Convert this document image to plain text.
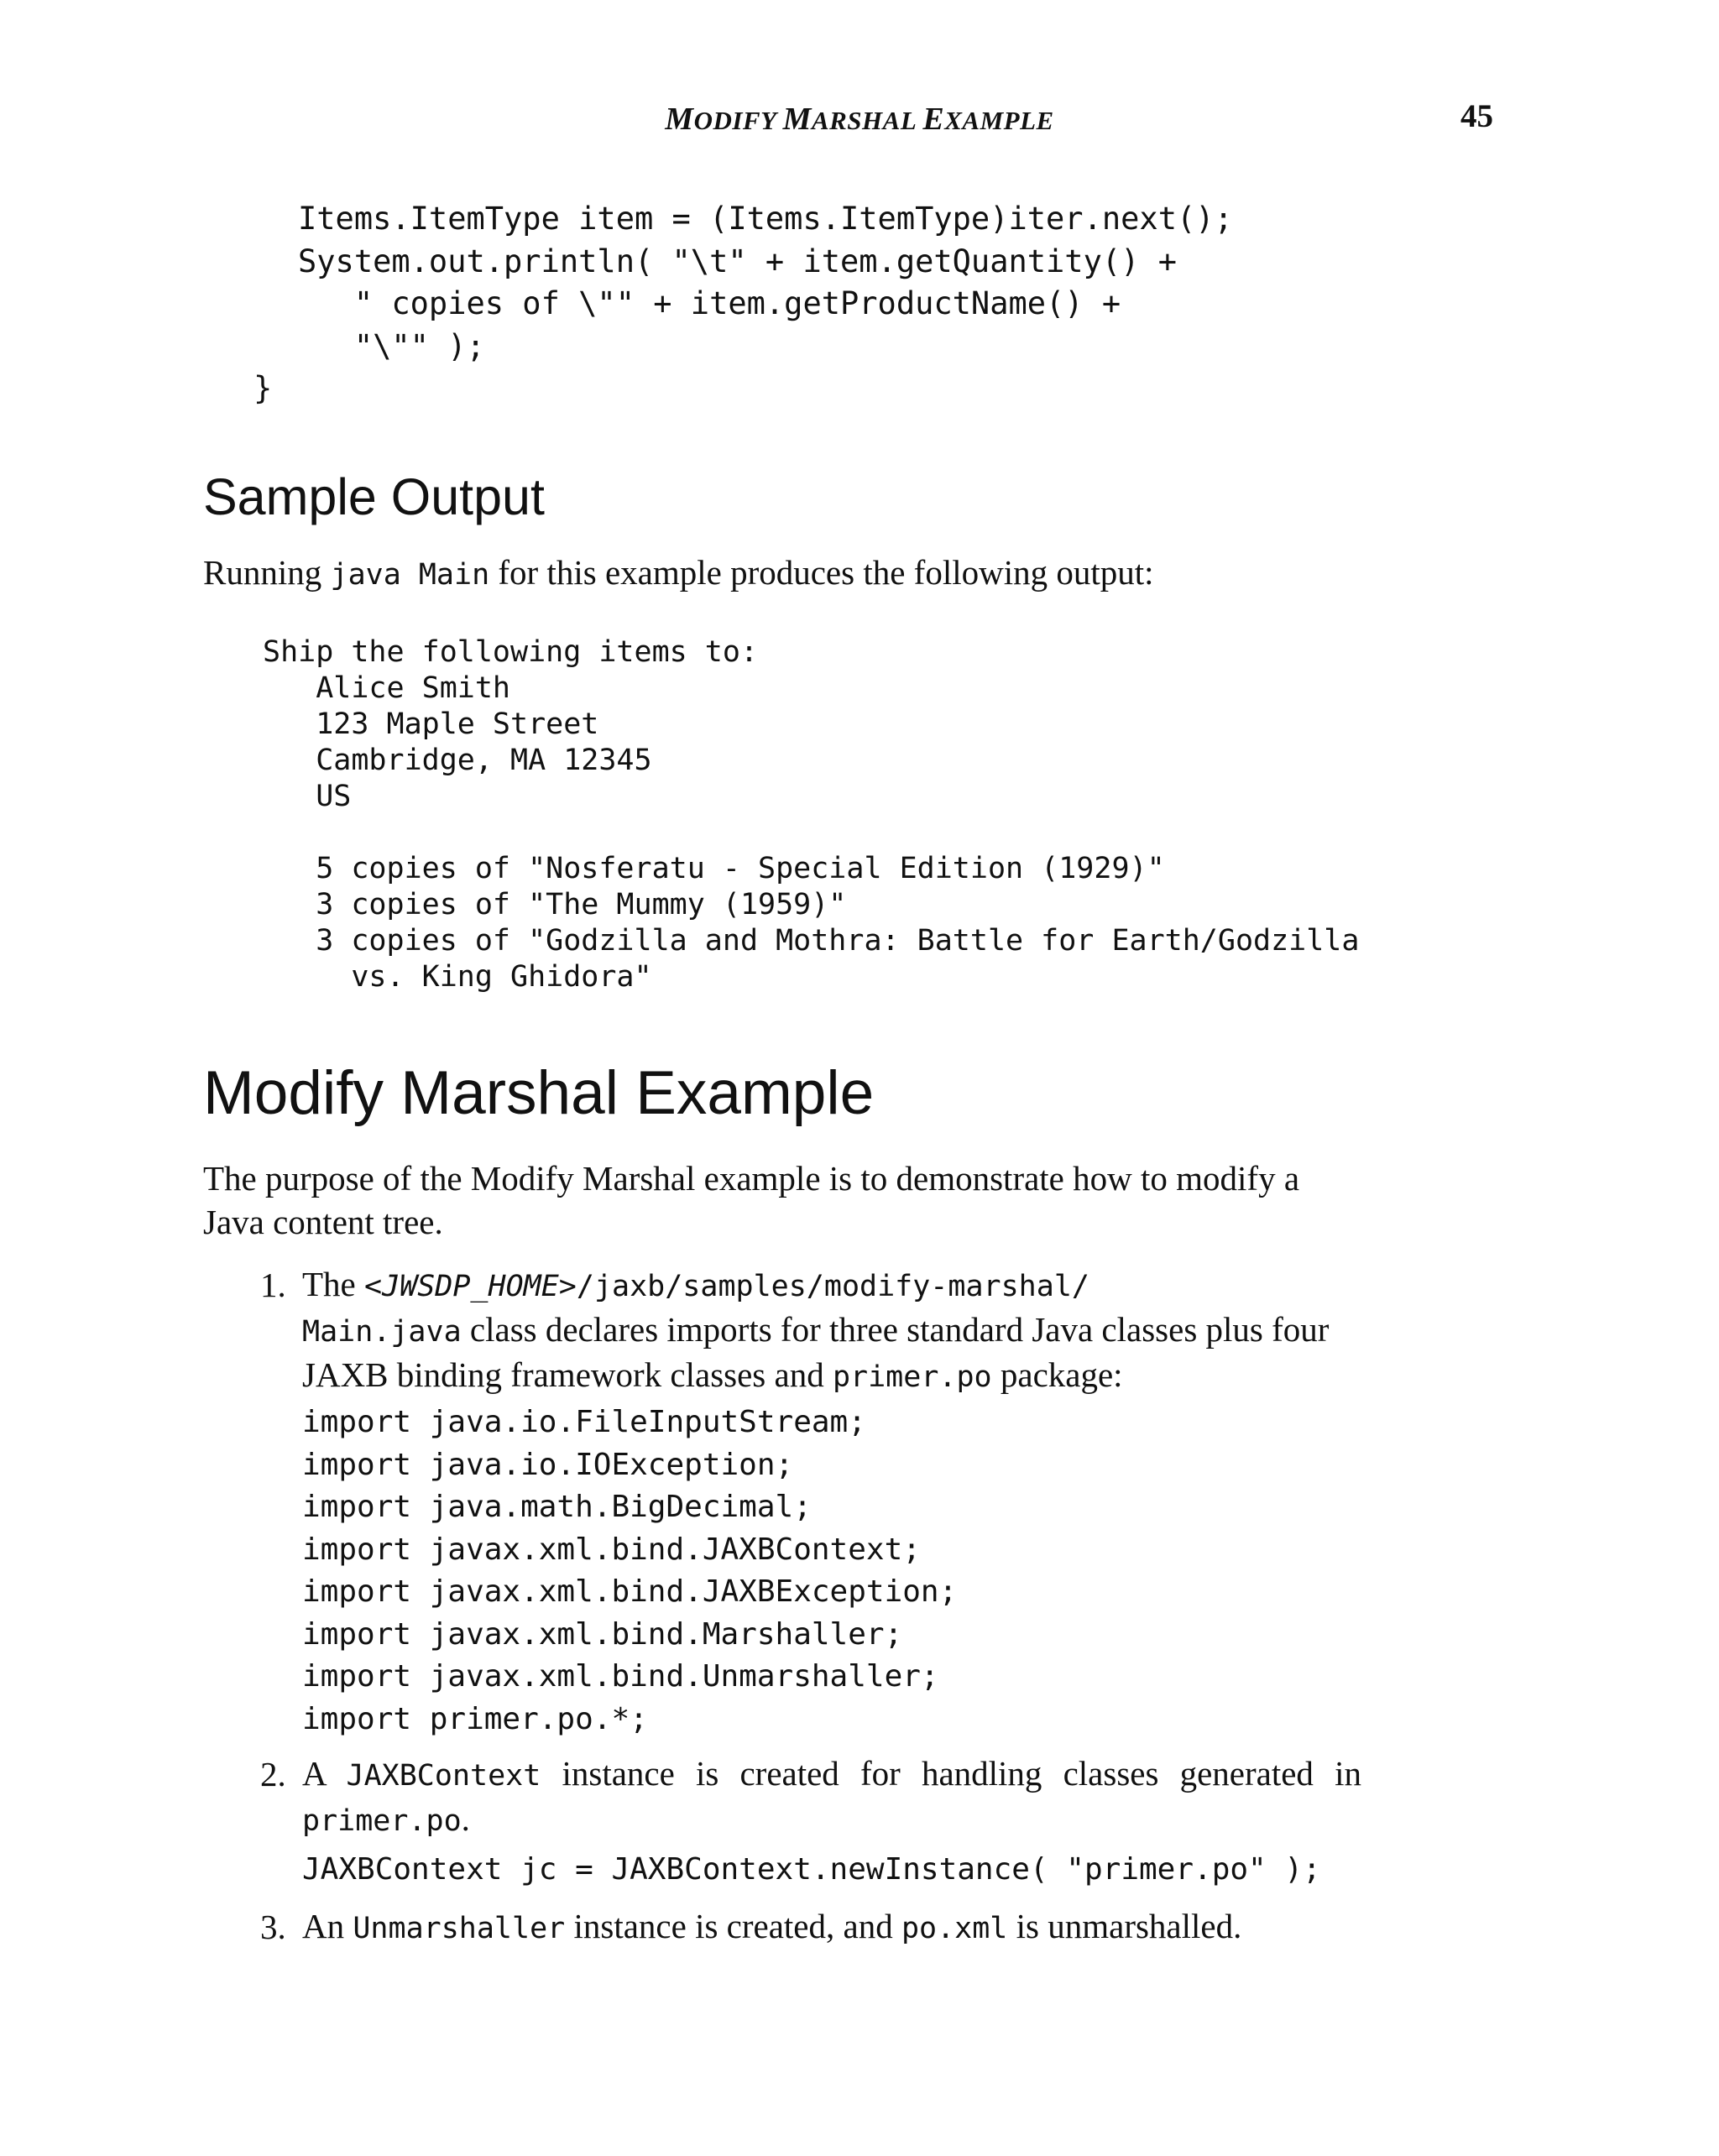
MODIFY MARSHAL EXAMPLE	45
Items.ItemType item = (Items.ItemType)iter.next();
System.out.println( "\t" + item.getQuantity() +
" copies of \"" + item.getProductName() +
"\"" );
}
Sample Output

Running java Main for this example produces the following output:

Ship the following items to:
Alice Smith
123 Maple Street
Cambridge, MA 12345
US

5 copies of "Nosferatu - Special Edition (1929)"
3 copies of "The Mummy (1959)"
3 copies of "Godzilla and Mothra: Battle for Earth/Godzilla
vs. King Ghidora"
Modify Marshal Example

The purpose of the Modify Marshal example is to demonstrate how to modify a Java content tree.

1. The <JWSDP_HOME>/jaxb/samples/modify-marshal/
Main.java class declares imports for three standard Java classes plus four JAXB binding framework classes and primer.po package:

import java.io.FileInputStream;
import java.io.IOException;
import java.math.BigDecimal;
import javax.xml.bind.JAXBContext;
import javax.xml.bind.JAXBException;
import javax.xml.bind.Marshaller;
import javax.xml.bind.Unmarshaller;
import primer.po.*;
2. A JAXBContext instance is created for handling classes generated in primer.po.

JAXBContext jc = JAXBContext.newInstance( "primer.po" );
3. An Unmarshaller instance is created, and po.xml is unmarshalled.
